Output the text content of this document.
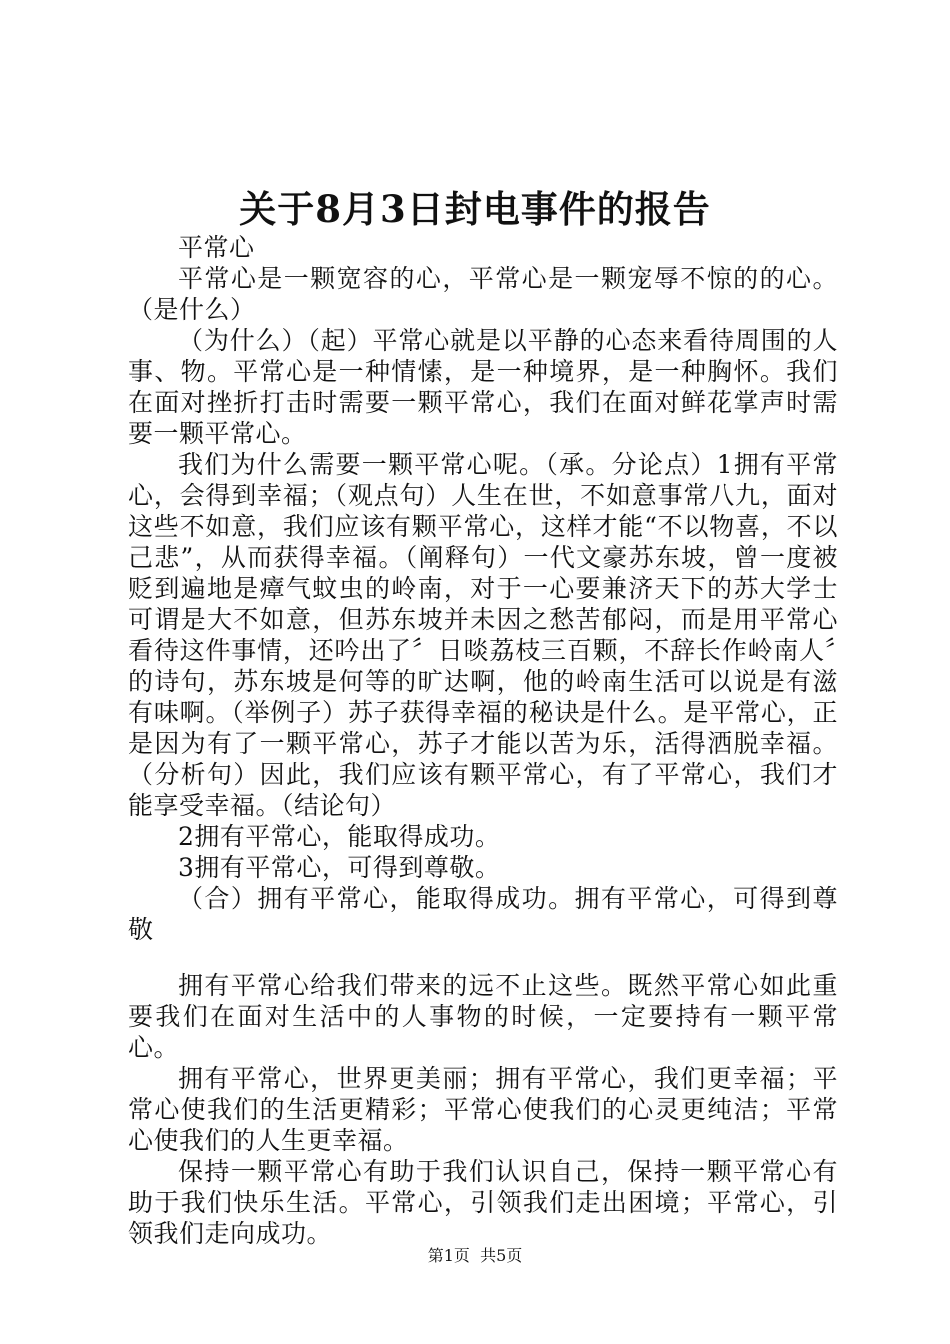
关于8月3日封电事件的报告

平常心

平常心是一颗宽容的心，平常心是一颗宠辱不惊的的心。（是什么）

（为什么）（起）平常心就是以平静的心态来看待周围的人事、物。平常心是一种情愫，是一种境界，是一种胸怀。我们在面对挫折打击时需要一颗平常心，我们在面对鲜花掌声时需要一颗平常心。

我们为什么需要一颗平常心呢。（承。分论点）1拥有平常心，会得到幸福；（观点句）人生在世，不如意事常八九，面对这些不如意，我们应该有颗平常心，这样才能“不以物喜，不以己悲”，从而获得幸福。（阐释句）一代文豪苏东坡，曾一度被贬到遍地是瘴气蚊虫的岭南，对于一心要兼济天下的苏大学士可谓是大不如意，但苏东坡并未因之愁苦郁闷，而是用平常心看待这件事情，还吟出了〞日啖荔枝三百颗，不辞长作岭南人〞的诗句，苏东坡是何等的旷达啊，他的岭南生活可以说是有滋有味啊。（举例子）苏子获得幸福的秘诀是什么。是平常心，正是因为有了一颗平常心，苏子才能以苦为乐，活得洒脱幸福。（分析句）因此，我们应该有颗平常心，有了平常心，我们才能享受幸福。（结论句）

2拥有平常心，能取得成功。

3拥有平常心，可得到尊敬。

（合）拥有平常心，能取得成功。拥有平常心，可得到尊敬

拥有平常心给我们带来的远不止这些。既然平常心如此重要我们在面对生活中的人事物的时候，一定要持有一颗平常心。

拥有平常心，世界更美丽；拥有平常心，我们更幸福；平常心使我们的生活更精彩；平常心使我们的心灵更纯洁；平常心使我们的人生更幸福。

保持一颗平常心有助于我们认识自己，保持一颗平常心有助于我们快乐生活。平常心，引领我们走出困境；平常心，引领我们走向成功。

第1页 共5页
